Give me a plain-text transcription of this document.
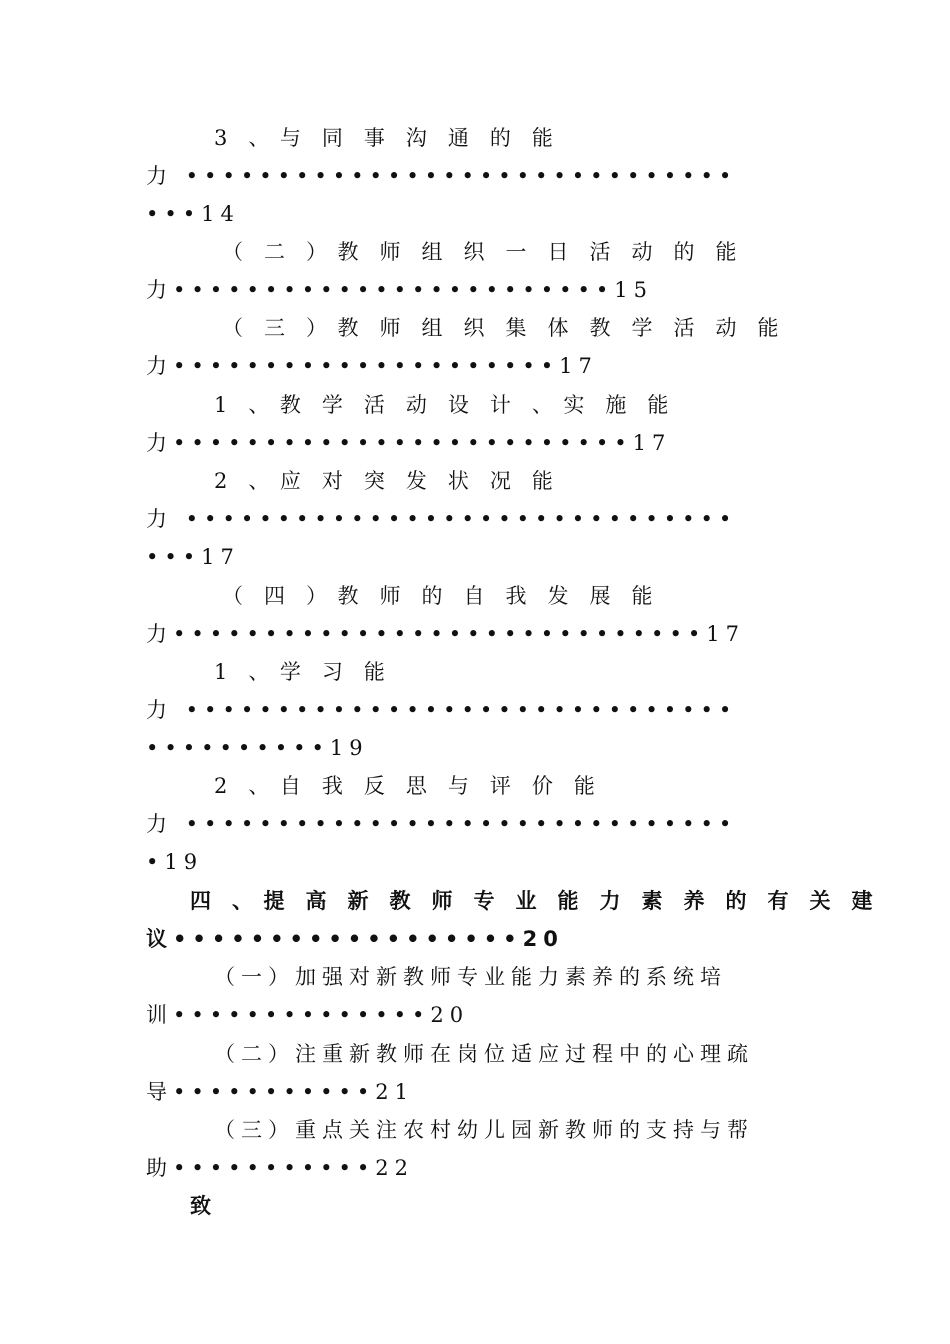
3　、　与　同　事　沟　通　的　能
力 ••••••••••••••••••••••••••••••
•••14
（　二　）　教　师　组　织　一　日　活　动　的　能
力••••••••••••••••••••••••15
（　三　）　教　师　组　织　集　体　教　学　活　动　能
力•••••••••••••••••••••17
1　、　教　学　活　动　设　计　、　实　施　能
力•••••••••••••••••••••••••17
2　、　应　对　突　发　状　况　能
力 ••••••••••••••••••••••••••••••
•••17
（　四　）　教　师　的　自　我　发　展　能
力•••••••••••••••••••••••••••••17
1　、　学　习　能
力 ••••••••••••••••••••••••••••••
••••••••••19
2　、　自　我　反　思　与　评　价　能
力 ••••••••••••••••••••••••••••••
•19
四　、　提　高　新　教　师　专　业　能　力　素　养　的　有　关　建
议••••••••••••••••••20
（一）加强对新教师专业能力素养的系统培
训••••••••••••••20
（二）注重新教师在岗位适应过程中的心理疏
导•••••••••••21
（三）重点关注农村幼儿园新教师的支持与帮
助•••••••••••22
致
